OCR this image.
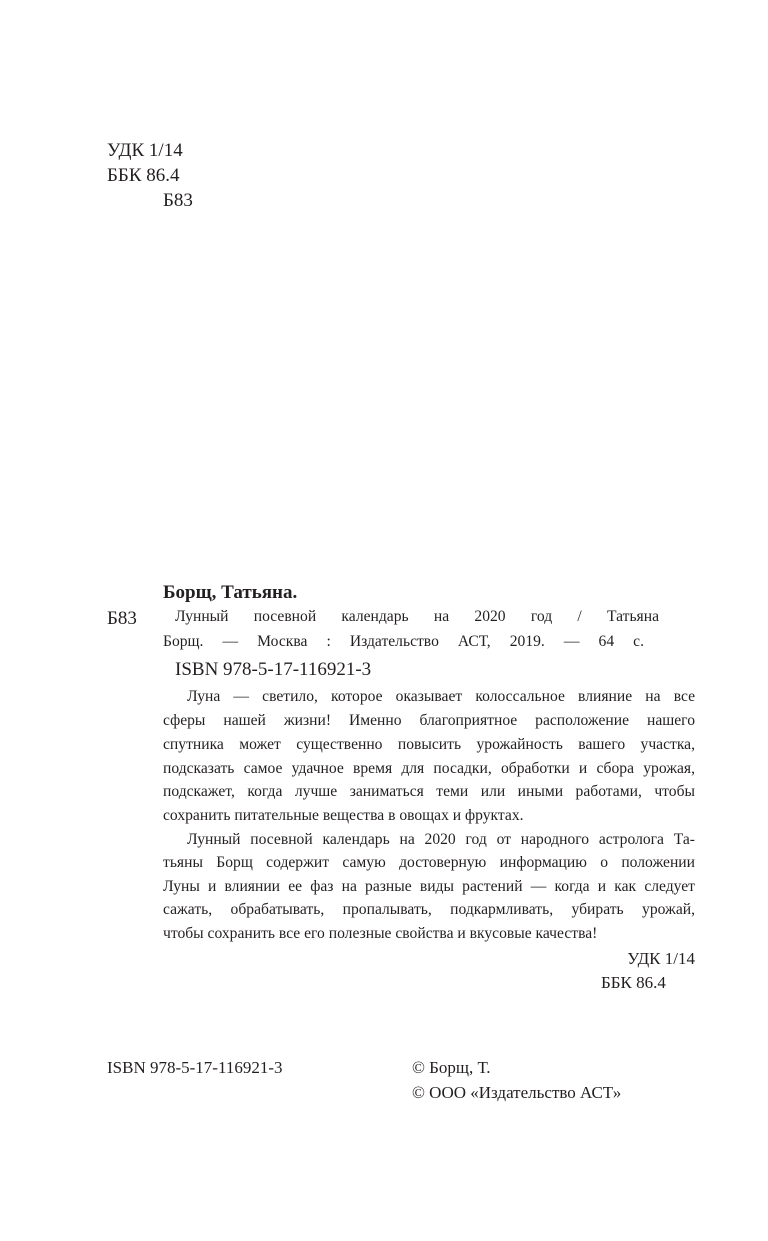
УДК 1/14
ББК 86.4
Б83
Борщ, Татьяна.
Б83 Лунный посевной календарь на 2020 год / Татьяна
Борщ. — Москва : Издательство АСТ, 2019. — 64 с.
ISBN 978-5-17-116921-3
Луна — светило, которое оказывает колоссальное влияние на все
сферы нашей жизни! Именно благоприятное расположение нашего
спутника может существенно повысить урожайность вашего участка,
подсказать самое удачное время для посадки, обработки и сбора урожая,
подскажет, когда лучше заниматься теми или иными работами, чтобы
сохранить питательные вещества в овощах и фруктах.
Лунный посевной календарь на 2020 год от народного астролога Та-
тьяны Борщ содержит самую достоверную информацию о положении
Луны и влиянии ее фаз на разные виды растений — когда и как следует
сажать, обрабатывать, пропалывать, подкармливать, убирать урожай,
чтобы сохранить все его полезные свойства и вкусовые качества!
УДК 1/14
ББК 86.4
ISBN 978-5-17-116921-3	© Борщ, Т.
© ООО «Издательство АСТ»
